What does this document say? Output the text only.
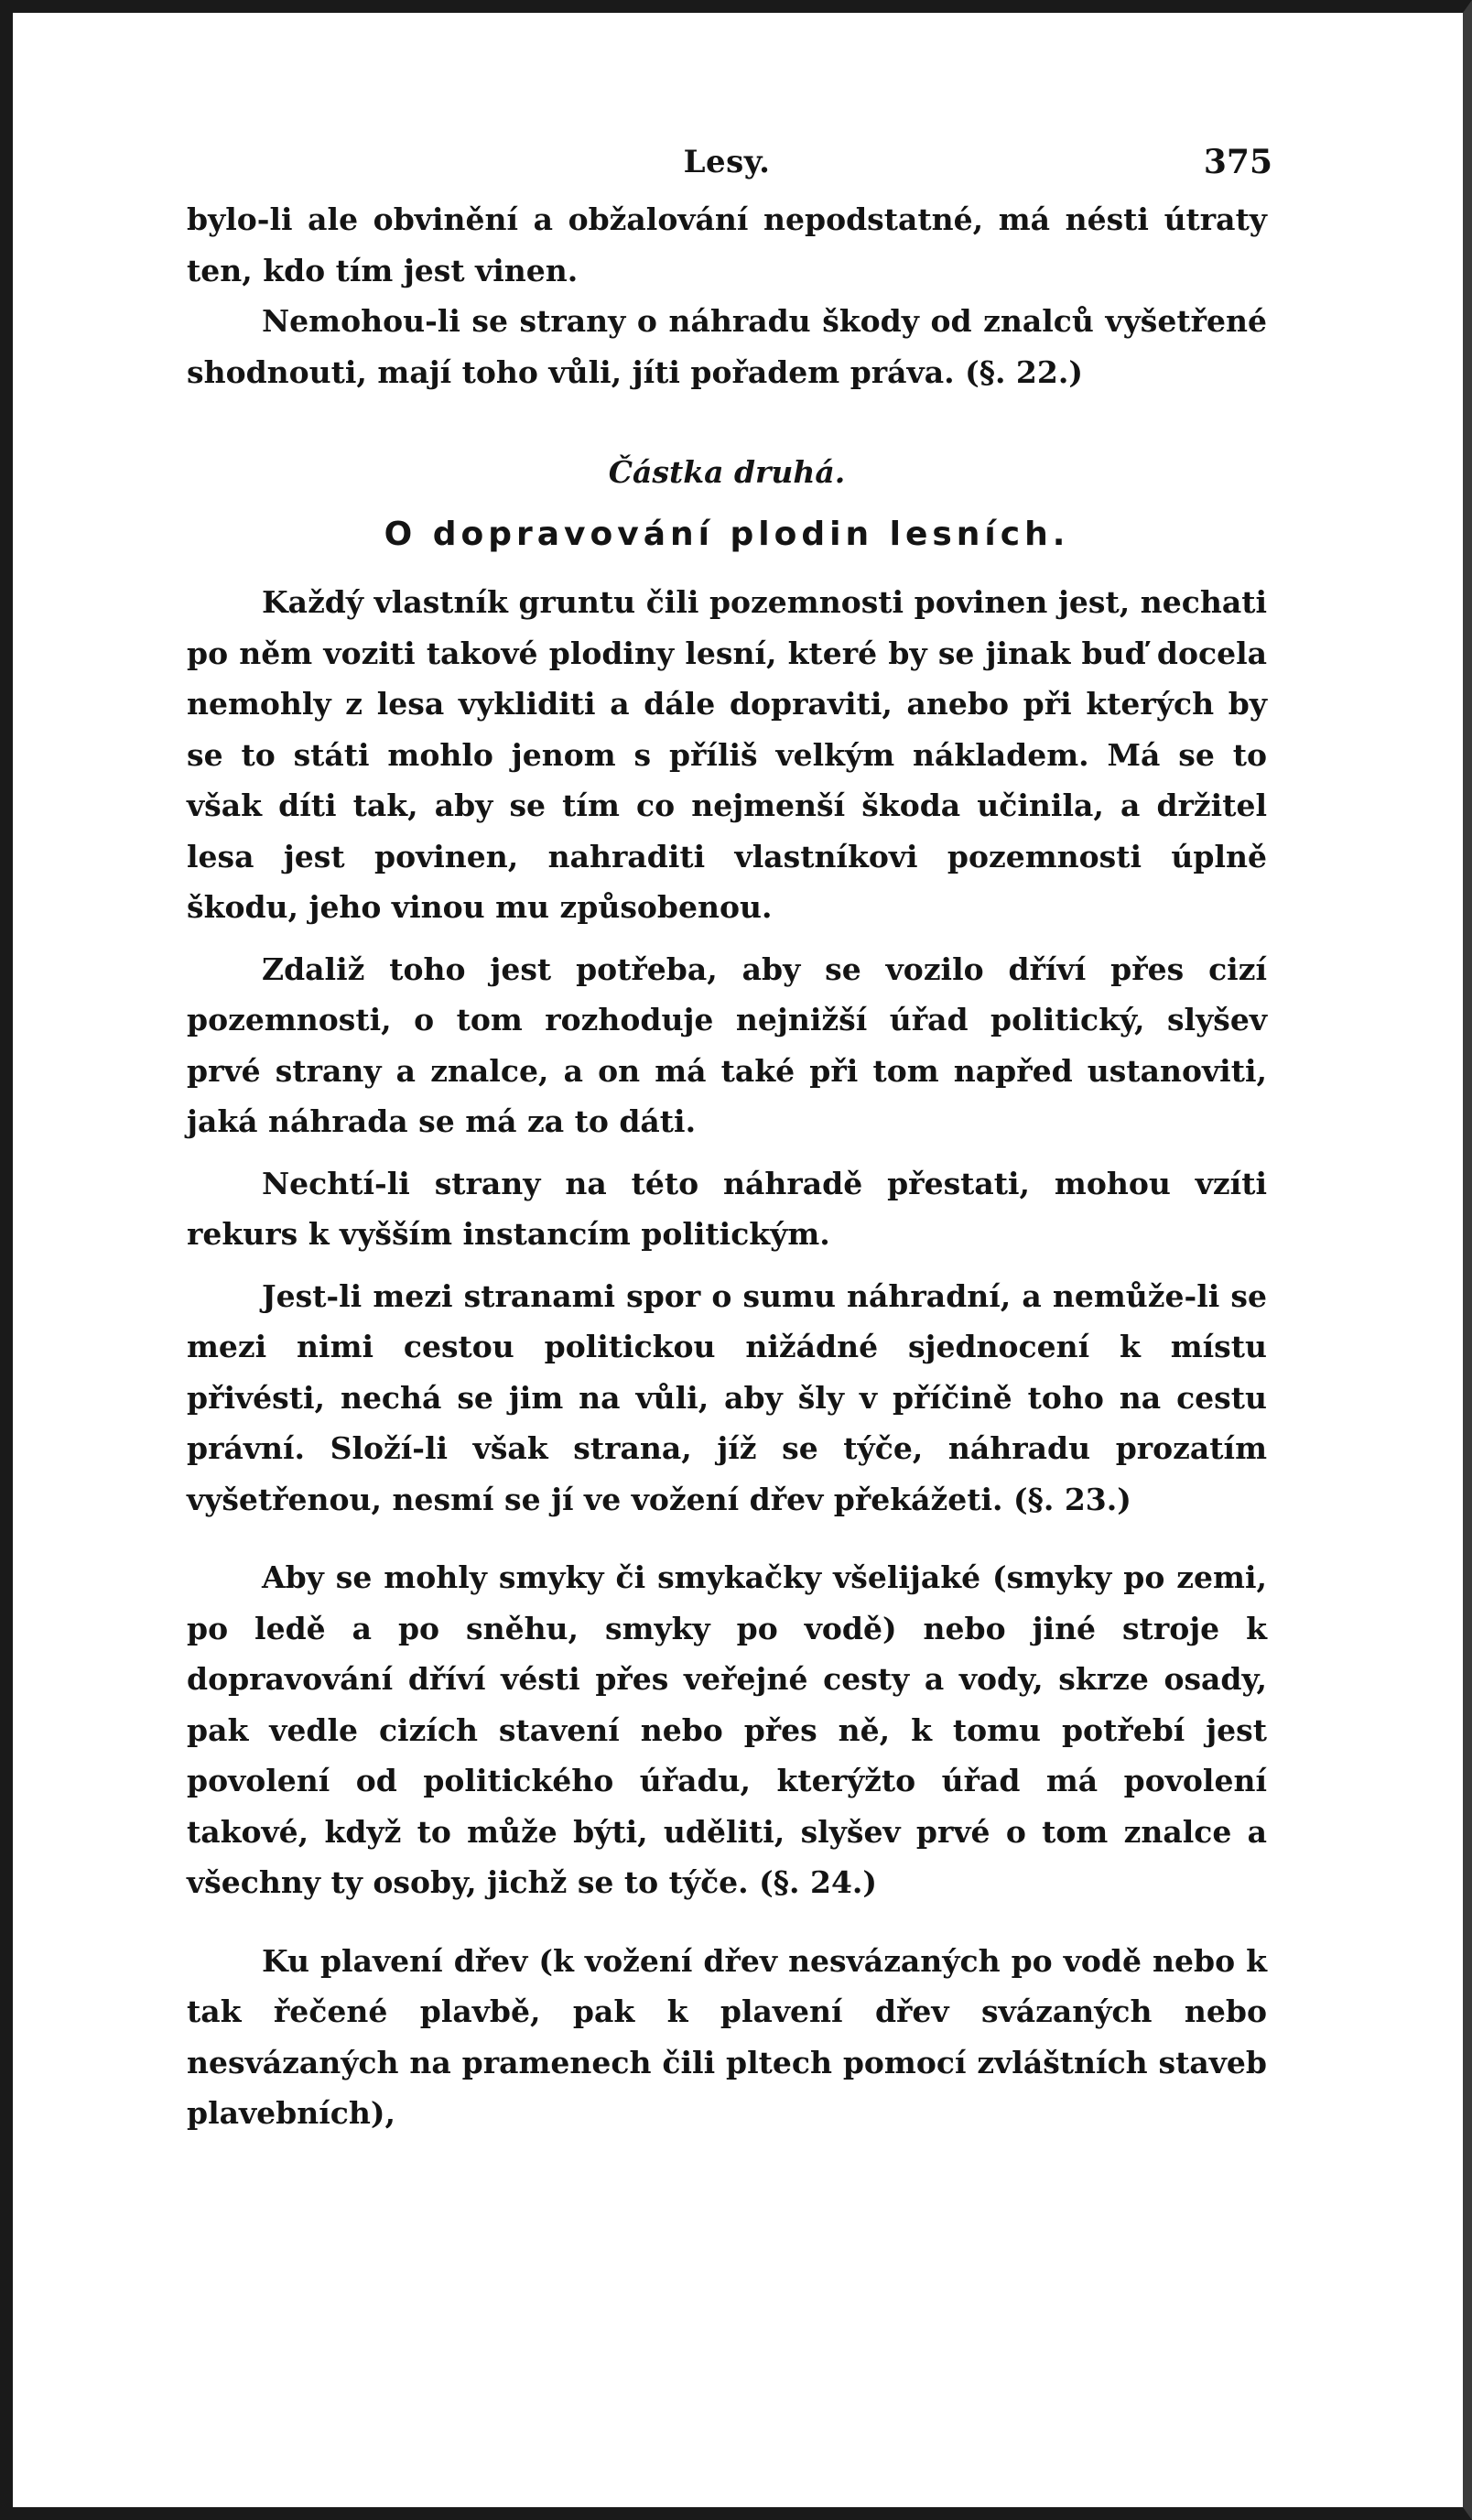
Lesy.	375

bylo-li ale obvinění a obžalování nepodstatné, má nésti útraty ten, kdo tím jest vinen.

Nemohou-li se strany o náhradu škody od znalců vyšetřené shodnouti, mají toho vůli, jíti pořadem práva. (§. 22.)

Částka druhá.
O dopravování plodin lesních.

Každý vlastník gruntu čili pozemnosti povinen jest, nechati po něm voziti takové plodiny lesní, které by se jinak buď docela nemohly z lesa vykliditi a dále dopraviti, anebo při kterých by se to státi mohlo jenom s příliš velkým nákladem. Má se to však díti tak, aby se tím co nejmenší škoda učinila, a držitel lesa jest povinen, nahraditi vlastníkovi pozemnosti úplně škodu, jeho vinou mu způsobenou.

Zdaliž toho jest potřeba, aby se vozilo dříví přes cizí pozemnosti, o tom rozhoduje nejnižší úřad politický, slyšev prvé strany a znalce, a on má také při tom napřed ustanoviti, jaká náhrada se má za to dáti.

Nechtí-li strany na této náhradě přestati, mohou vzíti rekurs k vyšším instancím politickým.

Jest-li mezi stranami spor o sumu náhradní, a nemůže-li se mezi nimi cestou politickou nižádné sjednocení k místu přivésti, nechá se jim na vůli, aby šly v příčině toho na cestu právní. Složí-li však strana, jíž se týče, náhradu prozatím vyšetřenou, nesmí se jí ve vožení dřev překážeti. (§. 23.)

Aby se mohly smyky či smykačky všelijaké (smyky po zemi, po ledě a po sněhu, smyky po vodě) nebo jiné stroje k dopravování dříví vésti přes veřejné cesty a vody, skrze osady, pak vedle cizích stavení nebo přes ně, k tomu potřebí jest povolení od politického úřadu, kterýžto úřad má povolení takové, když to může býti, uděliti, slyšev prvé o tom znalce a všechny ty osoby, jichž se to týče. (§. 24.)

Ku plavení dřev (k vožení dřev nesvázaných po vodě nebo k tak řečené plavbě, pak k plavení dřev svázaných nebo nesvázaných na pramenech čili pltech pomocí zvláštních staveb plavebních),
